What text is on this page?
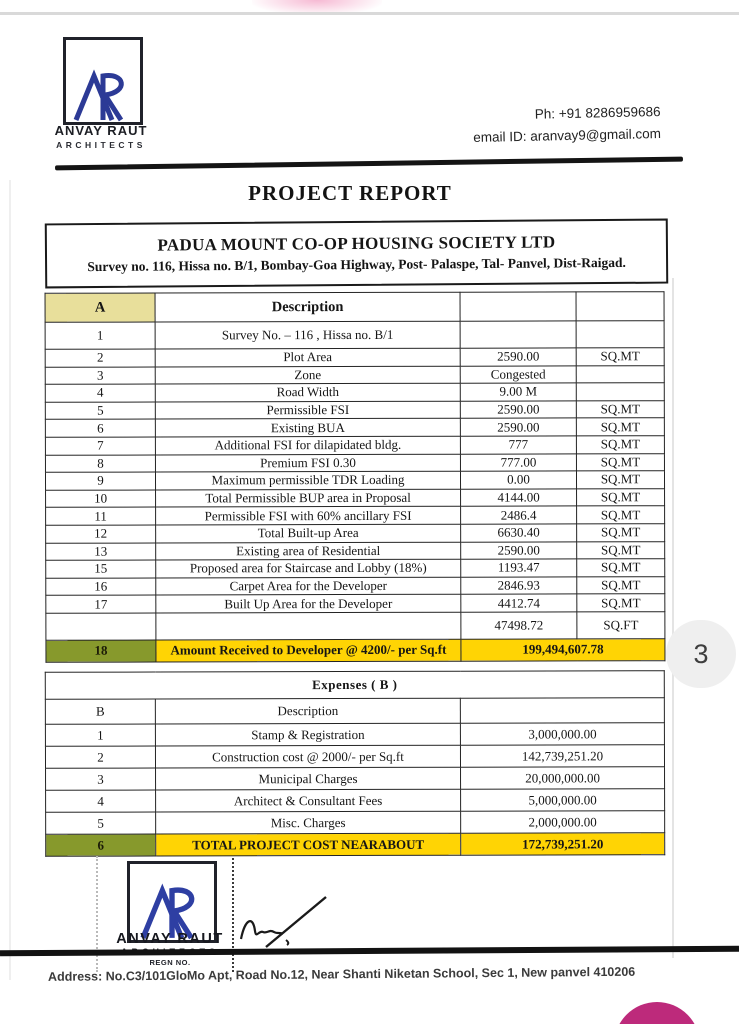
ANVAY RAUT
ARCHITECTS
Ph: +91 8286959686
email ID: aranvay9@gmail.com
PROJECT REPORT
PADUA MOUNT CO-OP HOUSING SOCIETY LTD
Survey no. 116, Hissa no. B/1, Bombay-Goa Highway, Post- Palaspe, Tal- Panvel, Dist-Raigad.
A	Description		
1	Survey No. – 116 , Hissa no. B/1		
2	Plot Area	2590.00	SQ.MT
3	Zone	Congested	
4	Road Width	9.00 M	
5	Permissible FSI	2590.00	SQ.MT
6	Existing BUA	2590.00	SQ.MT
7	Additional FSI for dilapidated bldg.	777	SQ.MT
8	Premium FSI 0.30	777.00	SQ.MT
9	Maximum permissible TDR Loading	0.00	SQ.MT
10	Total Permissible BUP area in Proposal	4144.00	SQ.MT
11	Permissible FSI with 60% ancillary FSI	2486.4	SQ.MT
12	Total Built-up Area	6630.40	SQ.MT
13	Existing area of Residential	2590.00	SQ.MT
15	Proposed area for Staircase and Lobby (18%)	1193.47	SQ.MT
16	Carpet Area for the Developer	2846.93	SQ.MT
17	Built Up Area for the Developer	4412.74	SQ.MT
		47498.72	SQ.FT
18	Amount Received to Developer @ 4200/- per Sq.ft	199,494,607.78	
Expenses ( B )		
B	Description	
1	Stamp & Registration	3,000,000.00
2	Construction cost @ 2000/- per Sq.ft	142,739,251.20
3	Municipal Charges	20,000,000.00
4	Architect & Consultant Fees	5,000,000.00
5	Misc. Charges	2,000,000.00
6	TOTAL PROJECT COST NEARABOUT	172,739,251.20
ANVAY RAUT
REGN NO.
Address: No.C3/101GloMo Apt, Road No.12, Near Shanti Niketan School, Sec 1, New panvel 410206
3
